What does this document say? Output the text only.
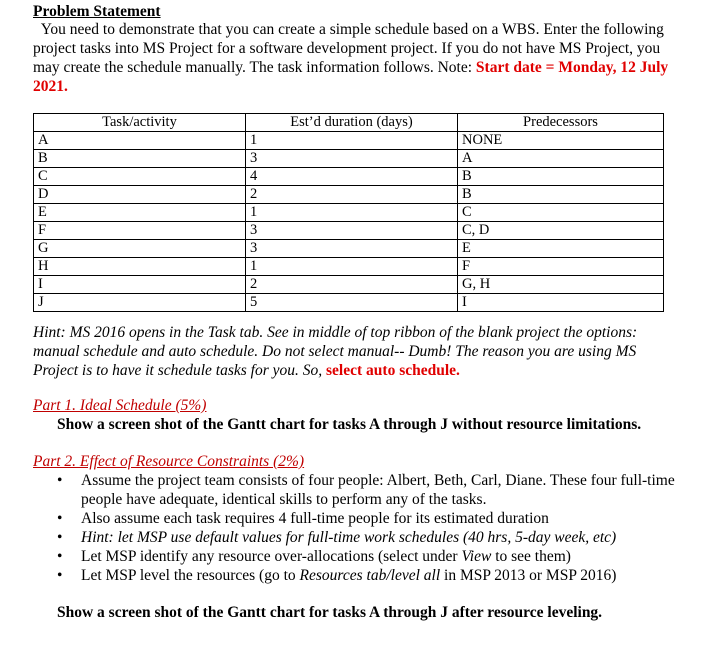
Problem Statement
You need to demonstrate that you can create a simple schedule based on a WBS. Enter the following project tasks into MS Project for a software development project. If you do not have MS Project, you may create the schedule manually. The task information follows. Note: Start date = Monday, 12 July 2021.
Task/activity	Est’d duration (days)	Predecessors
A	1	NONE
B	3	A
C	4	B
D	2	B
E	1	C
F	3	C, D
G	3	E
H	1	F
I	2	G, H
J	5	I
Hint: MS 2016 opens in the Task tab. See in middle of top ribbon of the blank project the options: manual schedule and auto schedule. Do not select manual-- Dumb! The reason you are using MS Project is to have it schedule tasks for you. So, select auto schedule.
Part 1. Ideal Schedule (5%)
Show a screen shot of the Gantt chart for tasks A through J without resource limitations.
Part 2. Effect of Resource Constraints (2%)
• Assume the project team consists of four people: Albert, Beth, Carl, Diane. These four full-time people have adequate, identical skills to perform any of the tasks.
• Also assume each task requires 4 full-time people for its estimated duration
• Hint: let MSP use default values for full-time work schedules (40 hrs, 5-day week, etc)
• Let MSP identify any resource over-allocations (select under View to see them)
• Let MSP level the resources (go to Resources tab/level all in MSP 2013 or MSP 2016)
Show a screen shot of the Gantt chart for tasks A through J after resource leveling.
